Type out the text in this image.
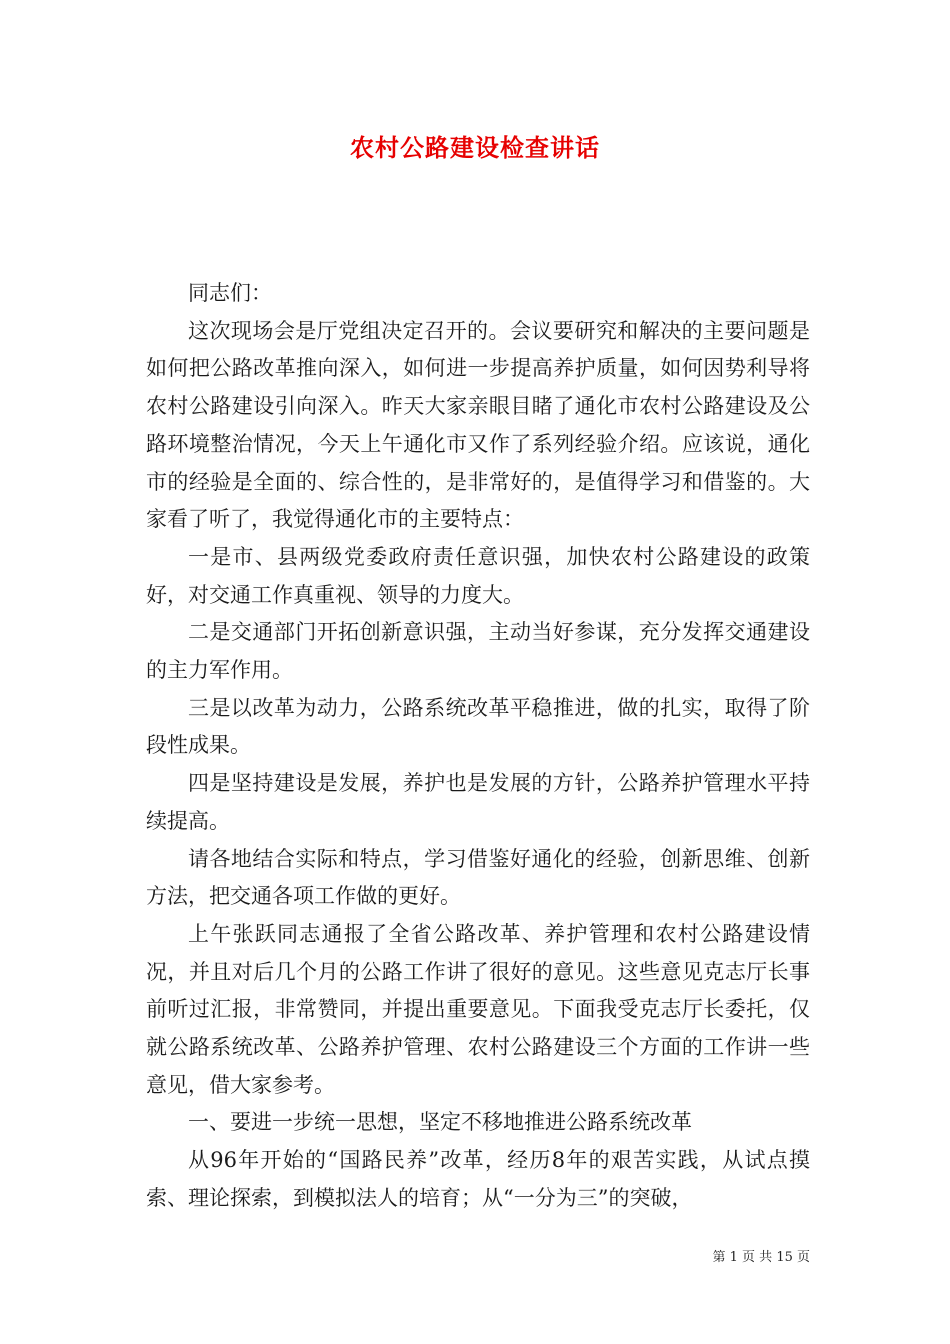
农村公路建设检查讲话

同志们：

这次现场会是厅党组决定召开的。会议要研究和解决的主要问题是如何把公路改革推向深入，如何进一步提高养护质量，如何因势利导将农村公路建设引向深入。昨天大家亲眼目睹了通化市农村公路建设及公路环境整治情况，今天上午通化市又作了系列经验介绍。应该说，通化市的经验是全面的、综合性的，是非常好的，是值得学习和借鉴的。大家看了听了，我觉得通化市的主要特点：

一是市、县两级党委政府责任意识强，加快农村公路建设的政策好，对交通工作真重视、领导的力度大。

二是交通部门开拓创新意识强，主动当好参谋，充分发挥交通建设的主力军作用。

三是以改革为动力，公路系统改革平稳推进，做的扎实，取得了阶段性成果。

四是坚持建设是发展，养护也是发展的方针，公路养护管理水平持续提高。

请各地结合实际和特点，学习借鉴好通化的经验，创新思维、创新方法，把交通各项工作做的更好。

上午张跃同志通报了全省公路改革、养护管理和农村公路建设情况，并且对后几个月的公路工作讲了很好的意见。这些意见克志厅长事前听过汇报，非常赞同，并提出重要意见。下面我受克志厅长委托，仅就公路系统改革、公路养护管理、农村公路建设三个方面的工作讲一些意见，借大家参考。

一、要进一步统一思想，坚定不移地推进公路系统改革

从96年开始的“国路民养”改革，经历8年的艰苦实践，从试点摸索、理论探索，到模拟法人的培育；从“一分为三”的突破，

第 1 页 共 15 页
